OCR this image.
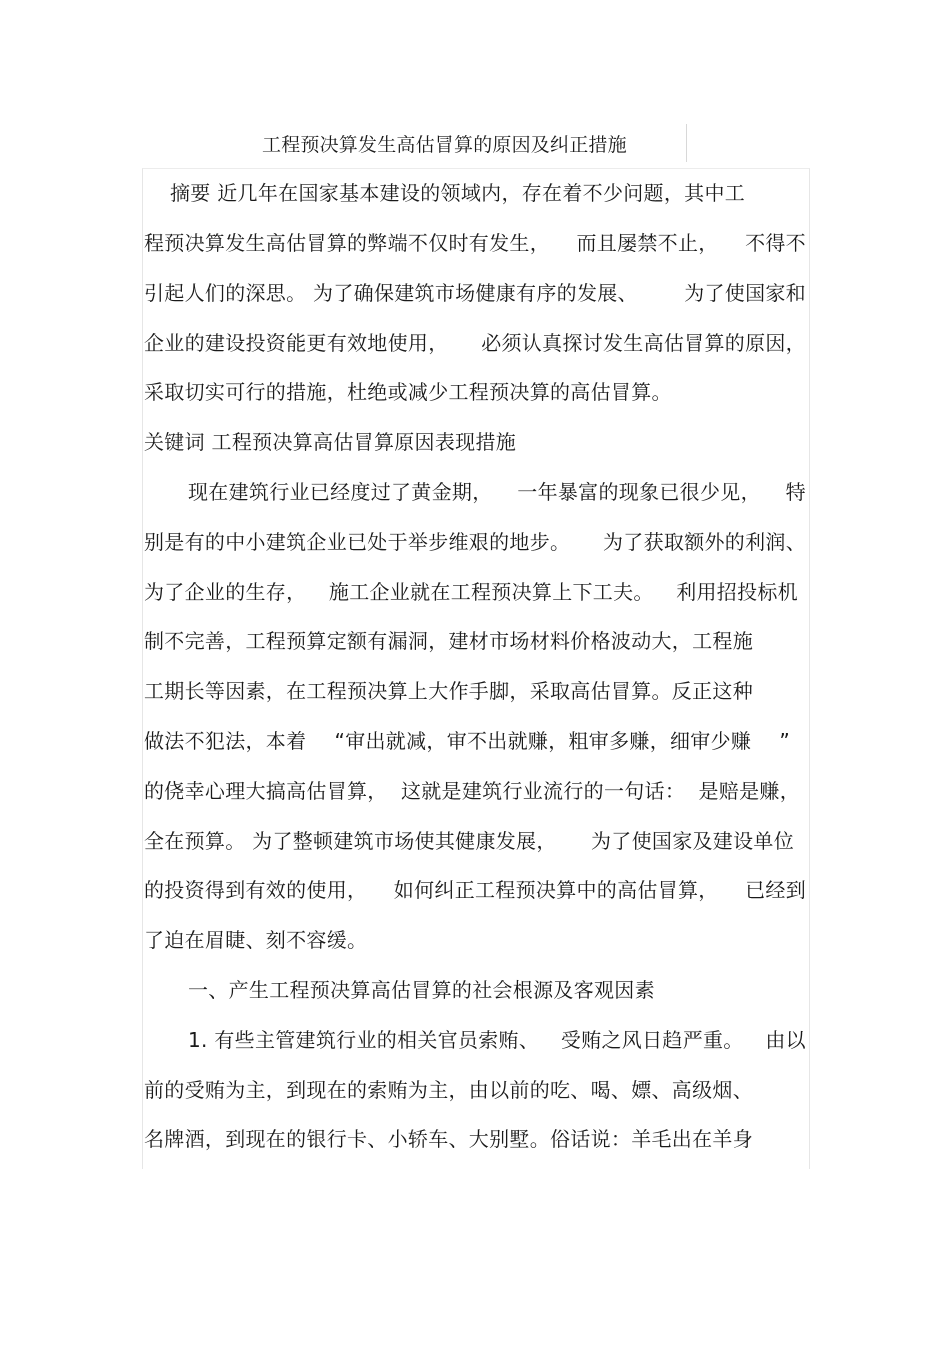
工程预决算发生高估冒算的原因及纠正措施
摘要 近几年在国家基本建设的领域内，存在着不少问题，其中工
程预决算发生高估冒算的弊端不仅时有发生， 而且屡禁不止， 不得不
引起人们的深思。 为了确保建筑市场健康有序的发展、 为了使国家和
企业的建设投资能更有效地使用， 必须认真探讨发生高估冒算的原因，
采取切实可行的措施，杜绝或减少工程预决算的高估冒算。
关键词 工程预决算高估冒算原因表现措施
现在建筑行业已经度过了黄金期， 一年暴富的现象已很少见， 特
别是有的中小建筑企业已处于举步维艰的地步。 为了获取额外的利润、
为了企业的生存， 施工企业就在工程预决算上下工夫。 利用招投标机
制不完善，工程预算定额有漏洞，建材市场材料价格波动大，工程施
工期长等因素，在工程预决算上大作手脚，采取高估冒算。反正这种
做法不犯法，本着 “审出就减，审不出就赚，粗审多赚，细审少赚 ”
的侥幸心理大搞高估冒算， 这就是建筑行业流行的一句话： 是赔是赚，
全在预算。 为了整顿建筑市场使其健康发展， 为了使国家及建设单位
的投资得到有效的使用， 如何纠正工程预决算中的高估冒算， 已经到
了迫在眉睫、刻不容缓。
一、产生工程预决算高估冒算的社会根源及客观因素
1. 有些主管建筑行业的相关官员索贿、 受贿之风日趋严重。 由以
前的受贿为主，到现在的索贿为主，由以前的吃、喝、嫖、高级烟、
名牌酒，到现在的银行卡、小轿车、大别墅。俗话说：羊毛出在羊身
